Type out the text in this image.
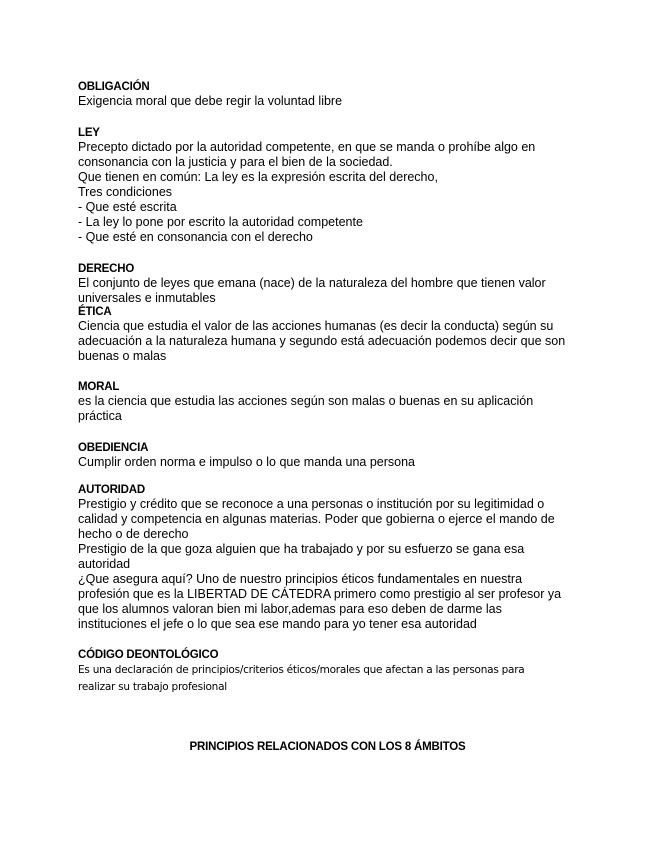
OBLIGACIÓN
Exigencia moral que debe regir la voluntad libre
LEY
Precepto dictado por la autoridad competente, en que se manda o prohíbe algo en
consonancia con la justicia y para el bien de la sociedad.
Que tienen en común: La ley es la expresión escrita del derecho,
Tres condiciones
- Que esté escrita
- La ley lo pone por escrito la autoridad competente
- Que esté en consonancia con el derecho
DERECHO
El conjunto de leyes que emana (nace) de la naturaleza del hombre que tienen valor
universales e inmutables
ÉTICA
Ciencia que estudia el valor de las acciones humanas (es decir la conducta) según su
adecuación a la naturaleza humana y segundo está adecuación podemos decir que son
buenas o malas
MORAL
es la ciencia que estudia las acciones según son malas o buenas en su aplicación
práctica
OBEDIENCIA
Cumplir orden norma e impulso o lo que manda una persona
AUTORIDAD
Prestigio y crédito que se reconoce a una personas o institución por su legitimidad o
calidad y competencia en algunas materias. Poder que gobierna o ejerce el mando de
hecho o de derecho
Prestigio de la que goza alguien que ha trabajado y por su esfuerzo se gana esa
autoridad
¿Que asegura aquí? Uno de nuestro principios éticos fundamentales en nuestra
profesión que es la LIBERTAD DE CÁTEDRA primero como prestigio al ser profesor ya
que los alumnos valoran bien mi labor,ademas para eso deben de darme las
instituciones el jefe o lo que sea ese mando para yo tener esa autoridad
CÓDIGO DEONTOLÓGICO
Es una declaración de principios/criterios éticos/morales que afectan a las personas para
realizar su trabajo profesional
PRINCIPIOS RELACIONADOS CON LOS 8 ÁMBITOS
